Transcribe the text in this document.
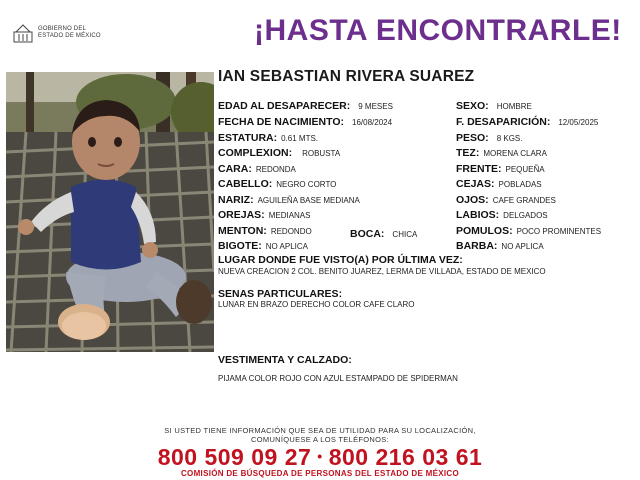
GOBIERNO DEL
ESTADO DE MÉXICO	¡HASTA ENCONTRARLE!
IAN SEBASTIAN RIVERA SUAREZ
EDAD AL DESAPARECER: 9 MESES
FECHA DE NACIMIENTO: 16/08/2024
ESTATURA: 0.61 MTS.
COMPLEXION: ROBUSTA
CARA: REDONDA
CABELLO: NEGRO CORTO
NARIZ: AGUILEÑA BASE MEDIANA
OREJAS: MEDIANAS
MENTON: REDONDO	BOCA: CHICA
BIGOTE: NO APLICA
SEXO: HOMBRE
F. DESAPARICIÓN: 12/05/2025
PESO: 8 KGS.
TEZ: MORENA CLARA
FRENTE: PEQUEÑA
CEJAS: POBLADAS
OJOS: CAFE GRANDES
LABIOS: DELGADOS
POMULOS: POCO PROMINENTES
BARBA: NO APLICA
LUGAR DONDE FUE VISTO(A) POR ÚLTIMA VEZ:
NUEVA CREACION 2 COL. BENITO JUAREZ, LERMA DE VILLADA, ESTADO DE MEXICO
SENAS PARTICULARES:
LUNAR EN BRAZO DERECHO COLOR CAFE CLARO
VESTIMENTA Y CALZADO:
PIJAMA COLOR ROJO CON AZUL ESTAMPADO DE SPIDERMAN
SI USTED TIENE INFORMACIÓN QUE SEA DE UTILIDAD PARA SU LOCALIZACIÓN,
COMUNÍQUESE A LOS TELÉFONOS:
800 509 09 27 • 800 216 03 61
COMISIÓN DE BÚSQUEDA DE PERSONAS DEL ESTADO DE MÉXICO
